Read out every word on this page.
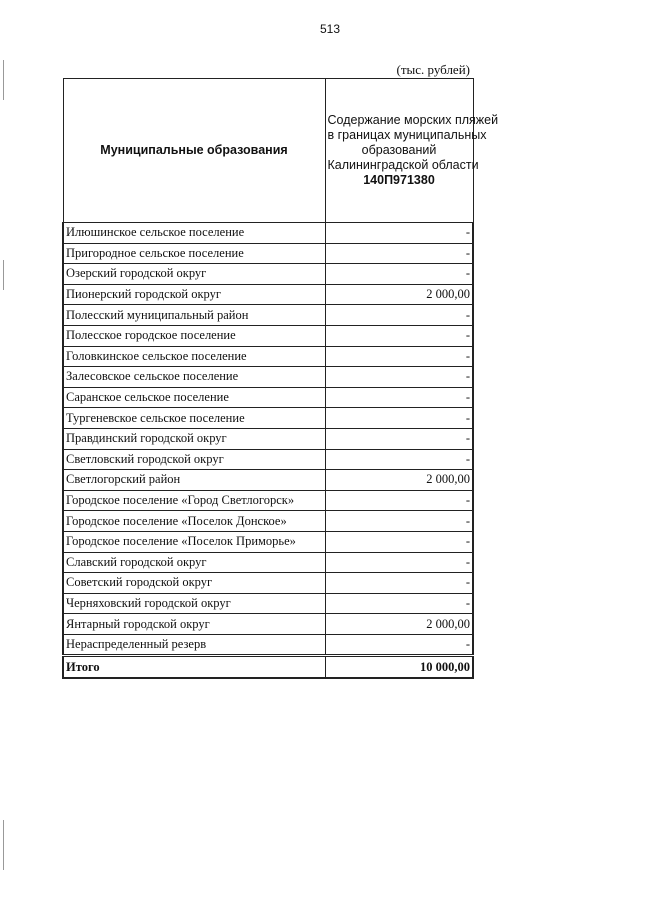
513
(тыс. рублей)
Муниципальные образования	Содержание морских пляжей
в границах муниципальных
образований
Калининградской области
140П971380

Илюшинское сельское поселение	-
Пригородное сельское поселение	-
Озерский городской округ	-
Пионерский городской округ	2 000,00
Полесский муниципальный район	-
Полесское городское поселение	-
Головкинское сельское поселение	-
Залесовское сельское поселение	-
Саранское сельское поселение	-
Тургеневское сельское поселение	-
Правдинский городской округ	-
Светловский городской округ	-
Светлогорский район	2 000,00
Городское поселение «Город Светлогорск»	-
Городское поселение «Поселок Донское»	-
Городское поселение «Поселок Приморье»	-
Славский городской округ	-
Советский городской округ	-
Черняховский городской округ	-
Янтарный городской округ	2 000,00
Нераспределенный резерв	-
Итого	10 000,00
